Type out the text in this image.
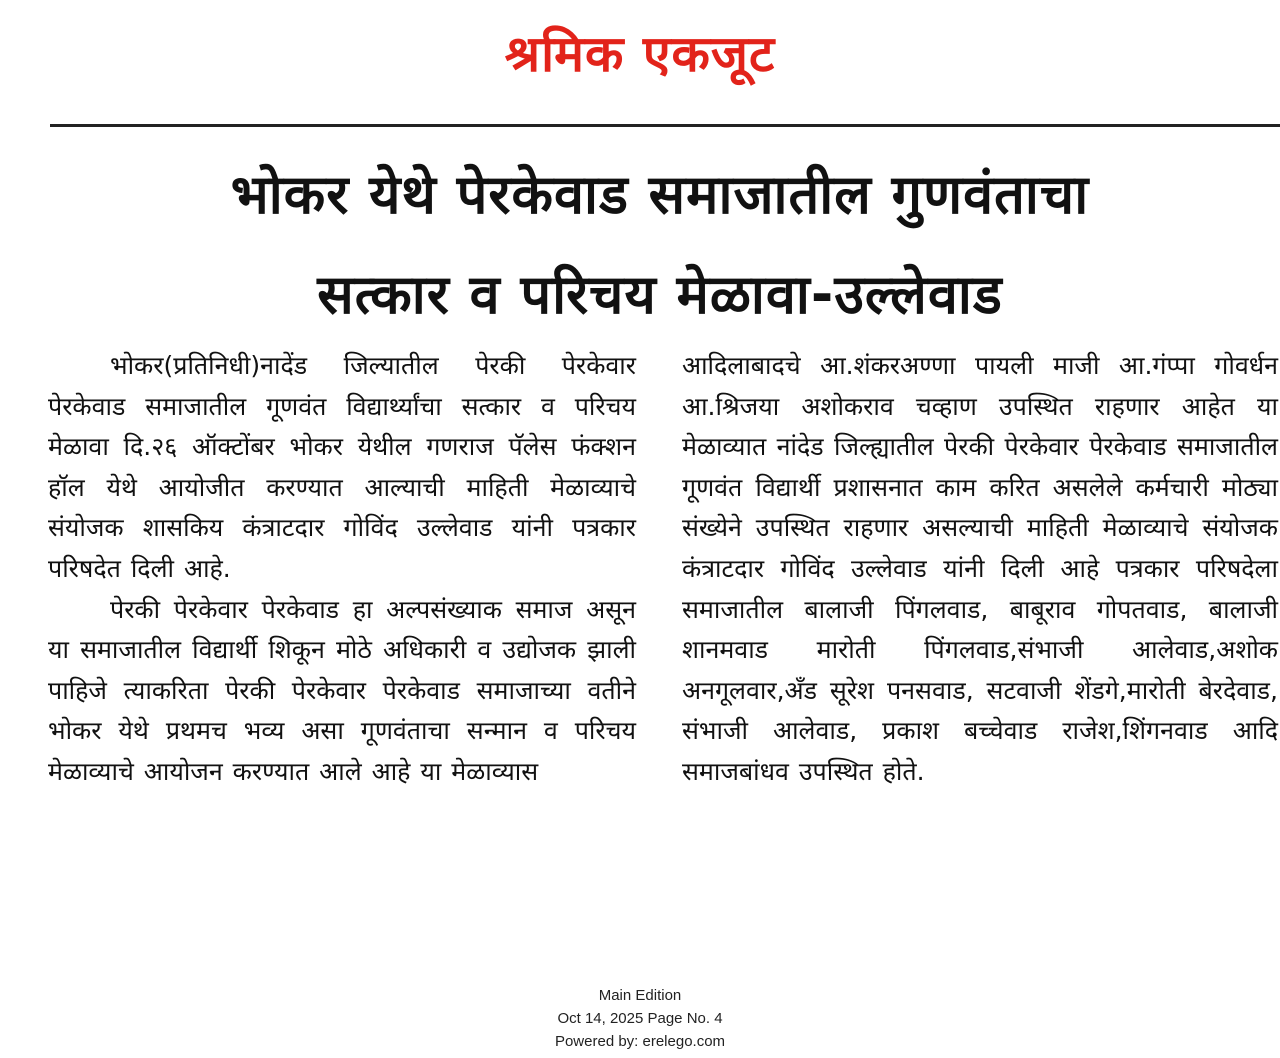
श्रमिक एकजूट
भोकर येथे पेरकेवाड समाजातील गुणवंताचा
सत्कार व परिचय मेळावा-उल्लेवाड

भोकर(प्रतिनिधी)नादेंड जिल्यातील पेरकी पेरकेवार पेरकेवाड समाजातील गूणवंत विद्यार्थ्यांचा सत्कार व परिचय मेळावा दि.२६ ऑक्टोंबर भोकर येथील गणराज पॅलेस फंक्शन हॉल येथे आयोजीत करण्यात आल्याची माहिती मेळाव्याचे संयोजक शासकिय कंत्राटदार गोविंद उल्लेवाड यांनी पत्रकार परिषदेत दिली आहे.

पेरकी पेरकेवार पेरकेवाड हा अल्पसंख्याक समाज असून या समाजातील विद्यार्थी शिकून मोठे अधिकारी व उद्योजक झाली पाहिजे त्याकरिता पेरकी पेरकेवार पेरकेवाड समाजाच्या वतीने भोकर येथे प्रथमच भव्य असा गूणवंताचा सन्मान व परिचय मेळाव्याचे आयोजन करण्यात आले आहे या मेळाव्यास

आदिलाबादचे आ.शंकरअण्णा पायली माजी आ.गंप्पा गोवर्धन आ.श्रिजया अशोकराव चव्हाण उपस्थित राहणार आहेत या मेळाव्यात नांदेड जिल्ह्यातील पेरकी पेरकेवार पेरकेवाड समाजातील गूणवंत विद्यार्थी प्रशासनात काम करित असलेले कर्मचारी मोठ्या संख्येने उपस्थित राहणार असल्याची माहिती मेळाव्याचे संयोजक कंत्राटदार गोविंद उल्लेवाड यांनी दिली आहे पत्रकार परिषदेला समाजातील बालाजी पिंगलवाड, बाबूराव गोपतवाड, बालाजी शानमवाड मारोती पिंगलवाड,संभाजी आलेवाड,अशोक अनगूलवार,अँड सूरेश पनसवाड, सटवाजी शेंडगे,मारोती बेरदेवाड, संभाजी आलेवाड, प्रकाश बच्चेवाड राजेश,शिंगनवाड आदि समाजबांधव उपस्थित होते.

Main Edition
Oct 14, 2025 Page No. 4
Powered by: erelego.com
